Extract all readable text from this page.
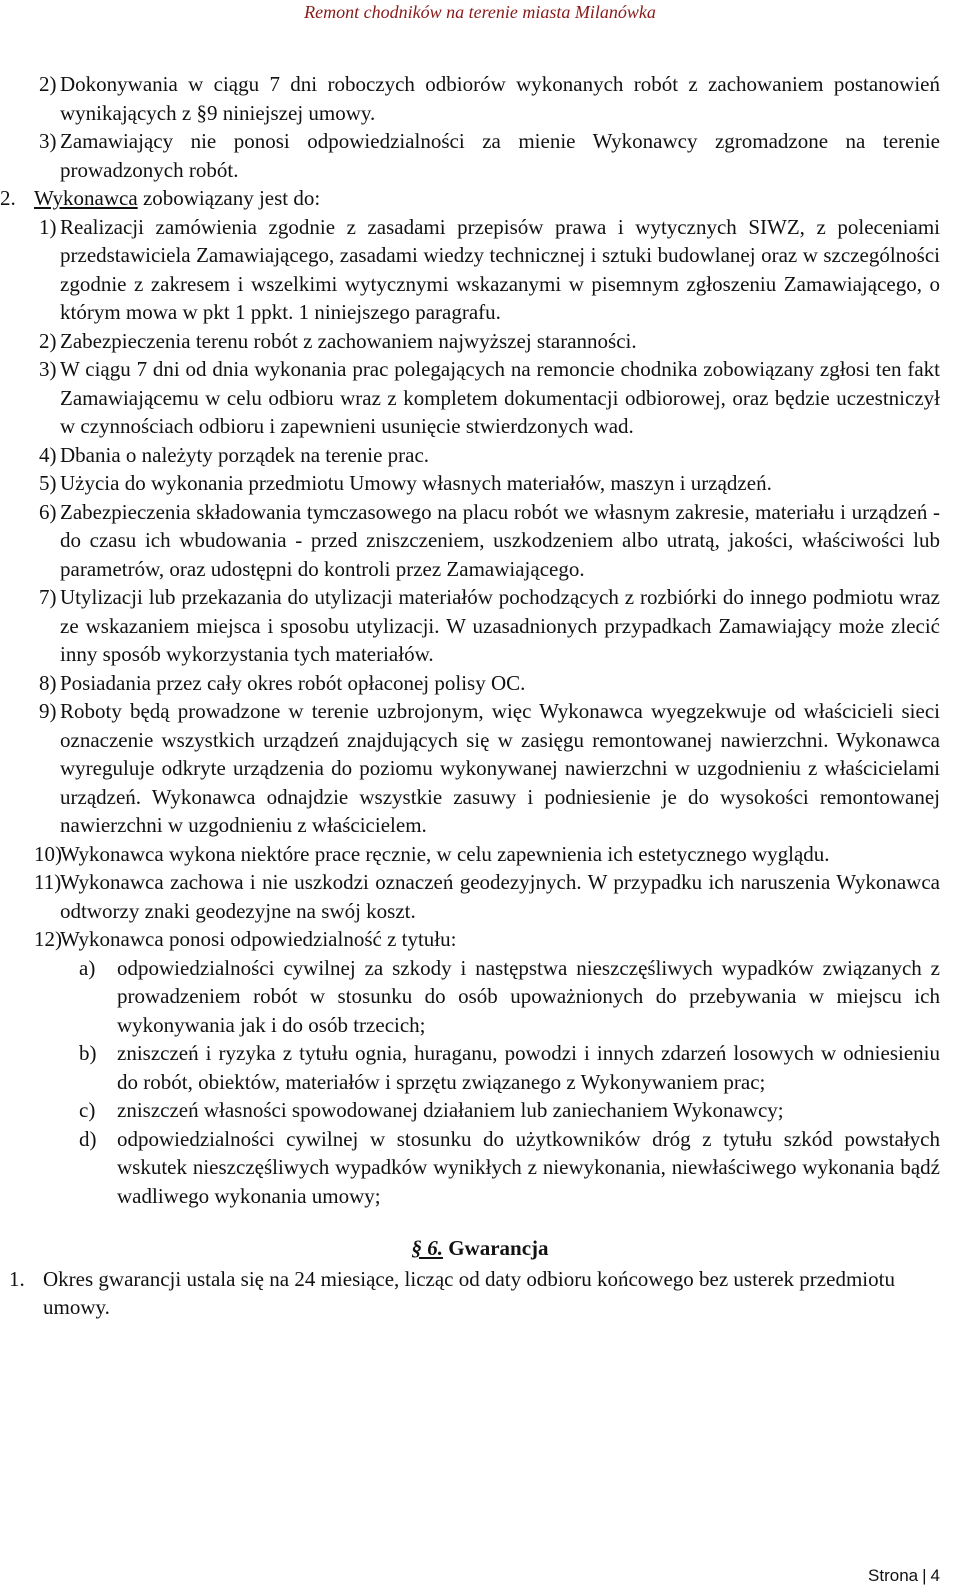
Remont chodników na terenie miasta Milanówka
2) Dokonywania w ciągu 7 dni roboczych odbiorów wykonanych robót z zachowaniem postanowień wynikających z §9 niniejszej umowy.
3) Zamawiający nie ponosi odpowiedzialności za mienie Wykonawcy zgromadzone na terenie prowadzonych robót.
2. Wykonawca zobowiązany jest do:
1) Realizacji zamówienia zgodnie z zasadami przepisów prawa i wytycznych SIWZ, z poleceniami przedstawiciela Zamawiającego, zasadami wiedzy technicznej i sztuki budowlanej oraz w szczególności zgodnie z zakresem i wszelkimi wytycznymi wskazanymi w pisemnym zgłoszeniu Zamawiającego, o którym mowa w pkt 1 ppkt. 1 niniejszego paragrafu.
2) Zabezpieczenia terenu robót z zachowaniem najwyższej staranności.
3) W ciągu 7 dni od dnia wykonania prac polegających na remoncie chodnika zobowiązany zgłosi ten fakt Zamawiającemu w celu odbioru wraz z kompletem dokumentacji odbiorowej, oraz będzie uczestniczył w czynnościach odbioru i zapewnieni usunięcie stwierdzonych wad.
4) Dbania o należyty porządek na terenie prac.
5) Użycia do wykonania przedmiotu Umowy własnych materiałów, maszyn i urządzeń.
6) Zabezpieczenia składowania tymczasowego na placu robót we własnym zakresie, materiału i urządzeń - do czasu ich wbudowania - przed zniszczeniem, uszkodzeniem albo utratą, jakości, właściwości lub parametrów, oraz udostępni do kontroli przez Zamawiającego.
7) Utylizacji lub przekazania do utylizacji materiałów pochodzących z rozbiórki do innego podmiotu wraz ze wskazaniem miejsca i sposobu utylizacji. W uzasadnionych przypadkach Zamawiający może zlecić inny sposób wykorzystania tych materiałów.
8) Posiadania przez cały okres robót opłaconej polisy OC.
9) Roboty będą prowadzone w terenie uzbrojonym, więc Wykonawca wyegzekwuje od właścicieli sieci oznaczenie wszystkich urządzeń znajdujących się w zasięgu remontowanej nawierzchni. Wykonawca wyreguluje odkryte urządzenia do poziomu wykonywanej nawierzchni w uzgodnieniu z właścicielami urządzeń. Wykonawca odnajdzie wszystkie zasuwy i podniesienie je do wysokości remontowanej nawierzchni w uzgodnieniu z właścicielem.
10)
Wykonawca wykona niektóre prace ręcznie, w celu zapewnienia ich estetycznego wyglądu.
11)
Wykonawca zachowa i nie uszkodzi oznaczeń geodezyjnych. W przypadku ich naruszenia Wykonawca odtworzy znaki geodezyjne na swój koszt.
12)
Wykonawca ponosi odpowiedzialność z tytułu:
a) odpowiedzialności cywilnej za szkody i następstwa nieszczęśliwych wypadków związanych z prowadzeniem robót w stosunku do osób upoważnionych do przebywania w miejscu ich wykonywania jak i do osób trzecich;
b) zniszczeń i ryzyka z tytułu ognia, huraganu, powodzi i innych zdarzeń losowych w odniesieniu do robót, obiektów, materiałów i sprzętu związanego z Wykonywaniem prac;
c) zniszczeń własności spowodowanej działaniem lub zaniechaniem Wykonawcy;
d) odpowiedzialności cywilnej w stosunku do użytkowników dróg z tytułu szkód powstałych wskutek nieszczęśliwych wypadków wynikłych z niewykonania, niewłaściwego wykonania bądź wadliwego wykonania umowy;
§ 6. Gwarancja
1. Okres gwarancji ustala się na 24 miesiące, licząc od daty odbioru końcowego bez usterek przedmiotu umowy.
Strona | 4
